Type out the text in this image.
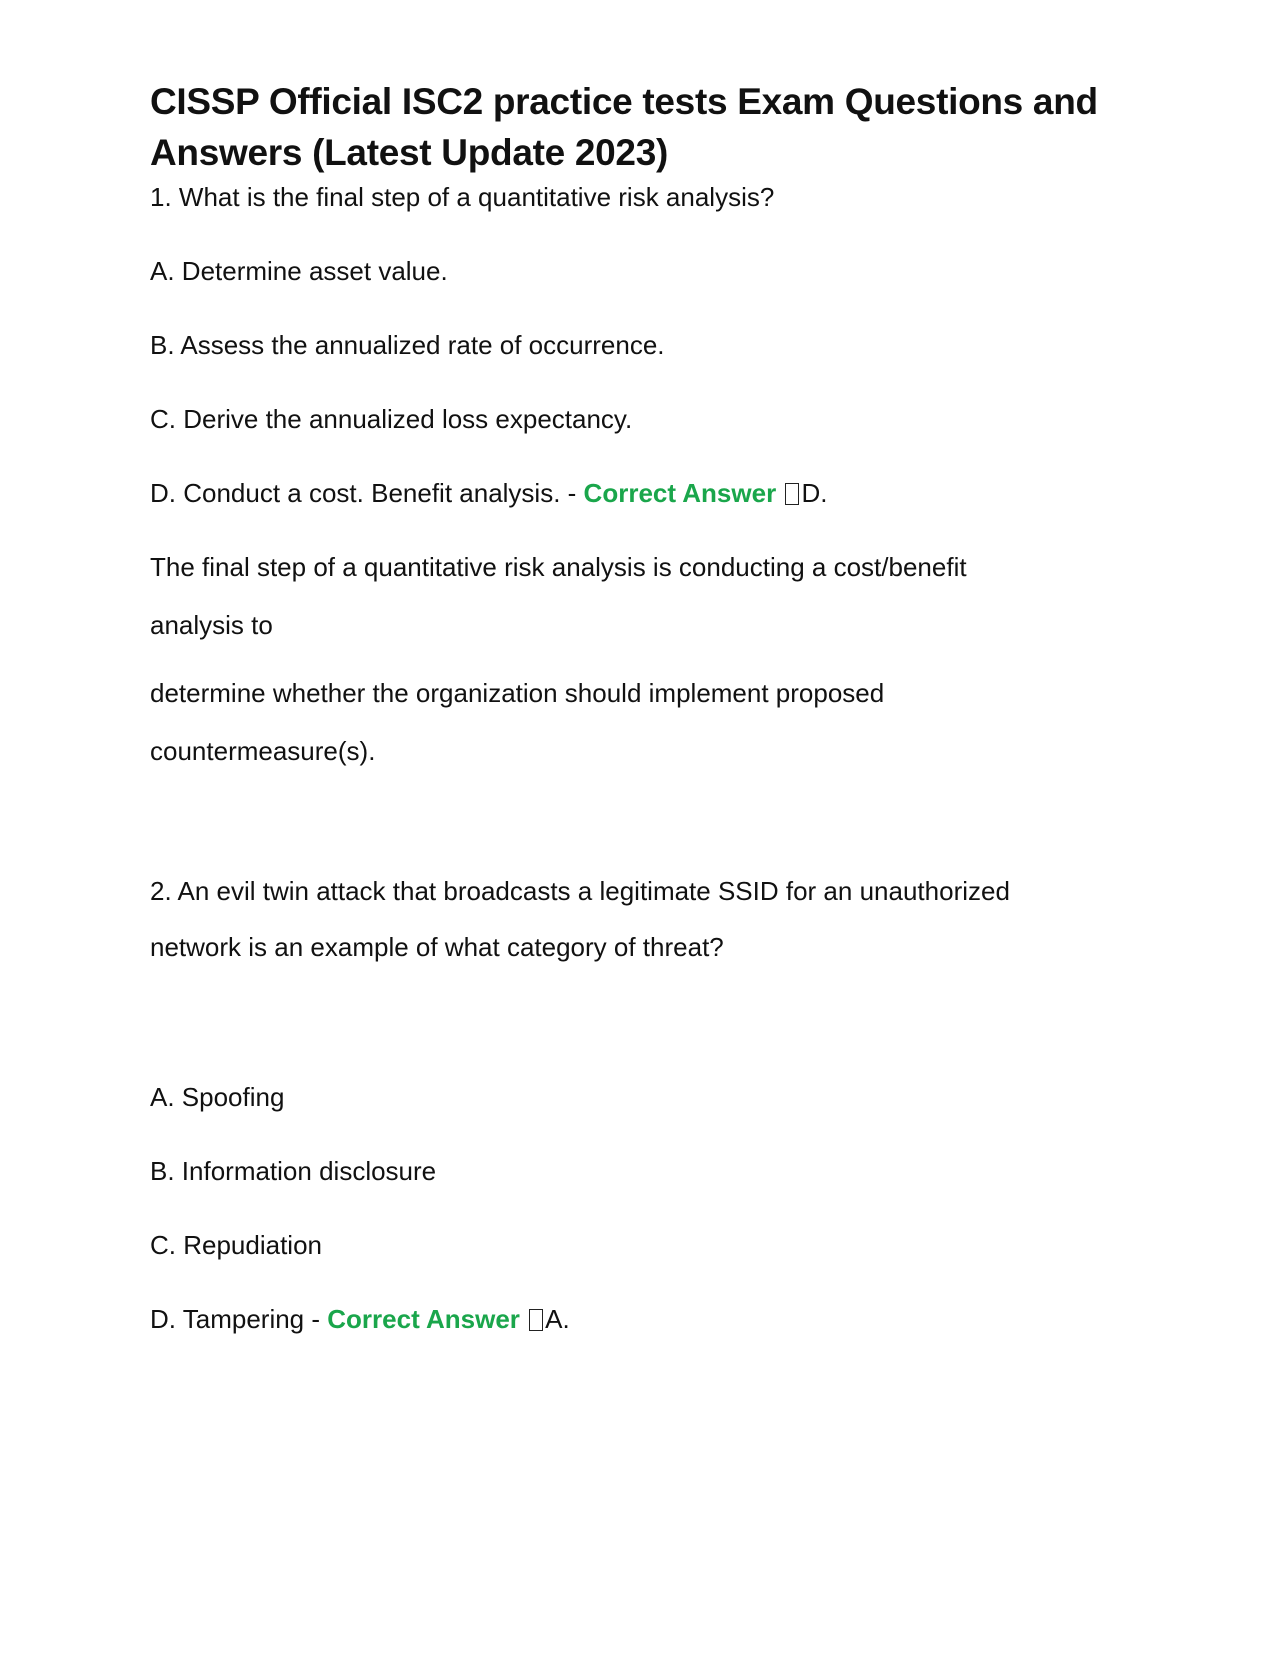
CISSP Official ISC2 practice tests Exam Questions and Answers (Latest Update 2023)

1. What is the final step of a quantitative risk analysis?

A. Determine asset value.

B. Assess the annualized rate of occurrence.

C. Derive the annualized loss expectancy.

D. Conduct a cost. Benefit analysis. - Correct Answer D.

The final step of a quantitative risk analysis is conducting a cost/benefit

analysis to

determine whether the organization should implement proposed

countermeasure(s).

2. An evil twin attack that broadcasts a legitimate SSID for an unauthorized

network is an example of what category of threat?

A. Spoofing

B. Information disclosure

C. Repudiation

D. Tampering - Correct Answer A.
